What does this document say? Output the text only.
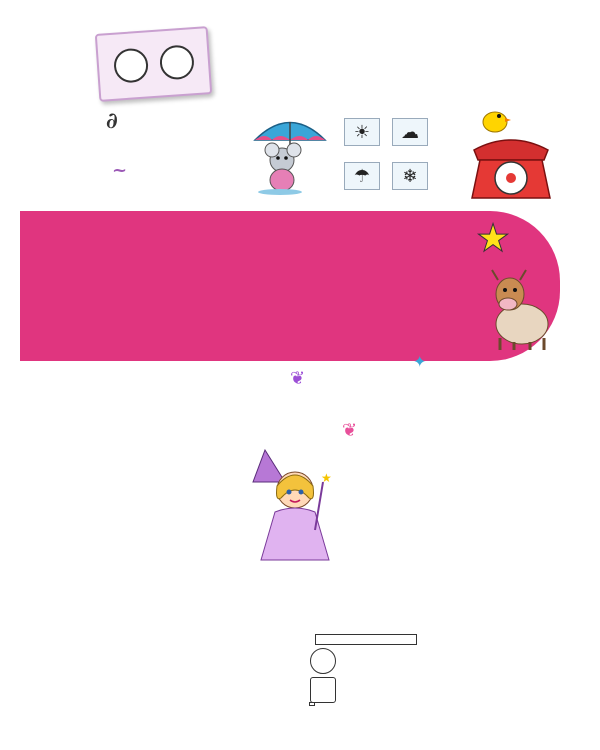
∂
~
☀	☁
☂	❄
★

❦
❦
✦
★
